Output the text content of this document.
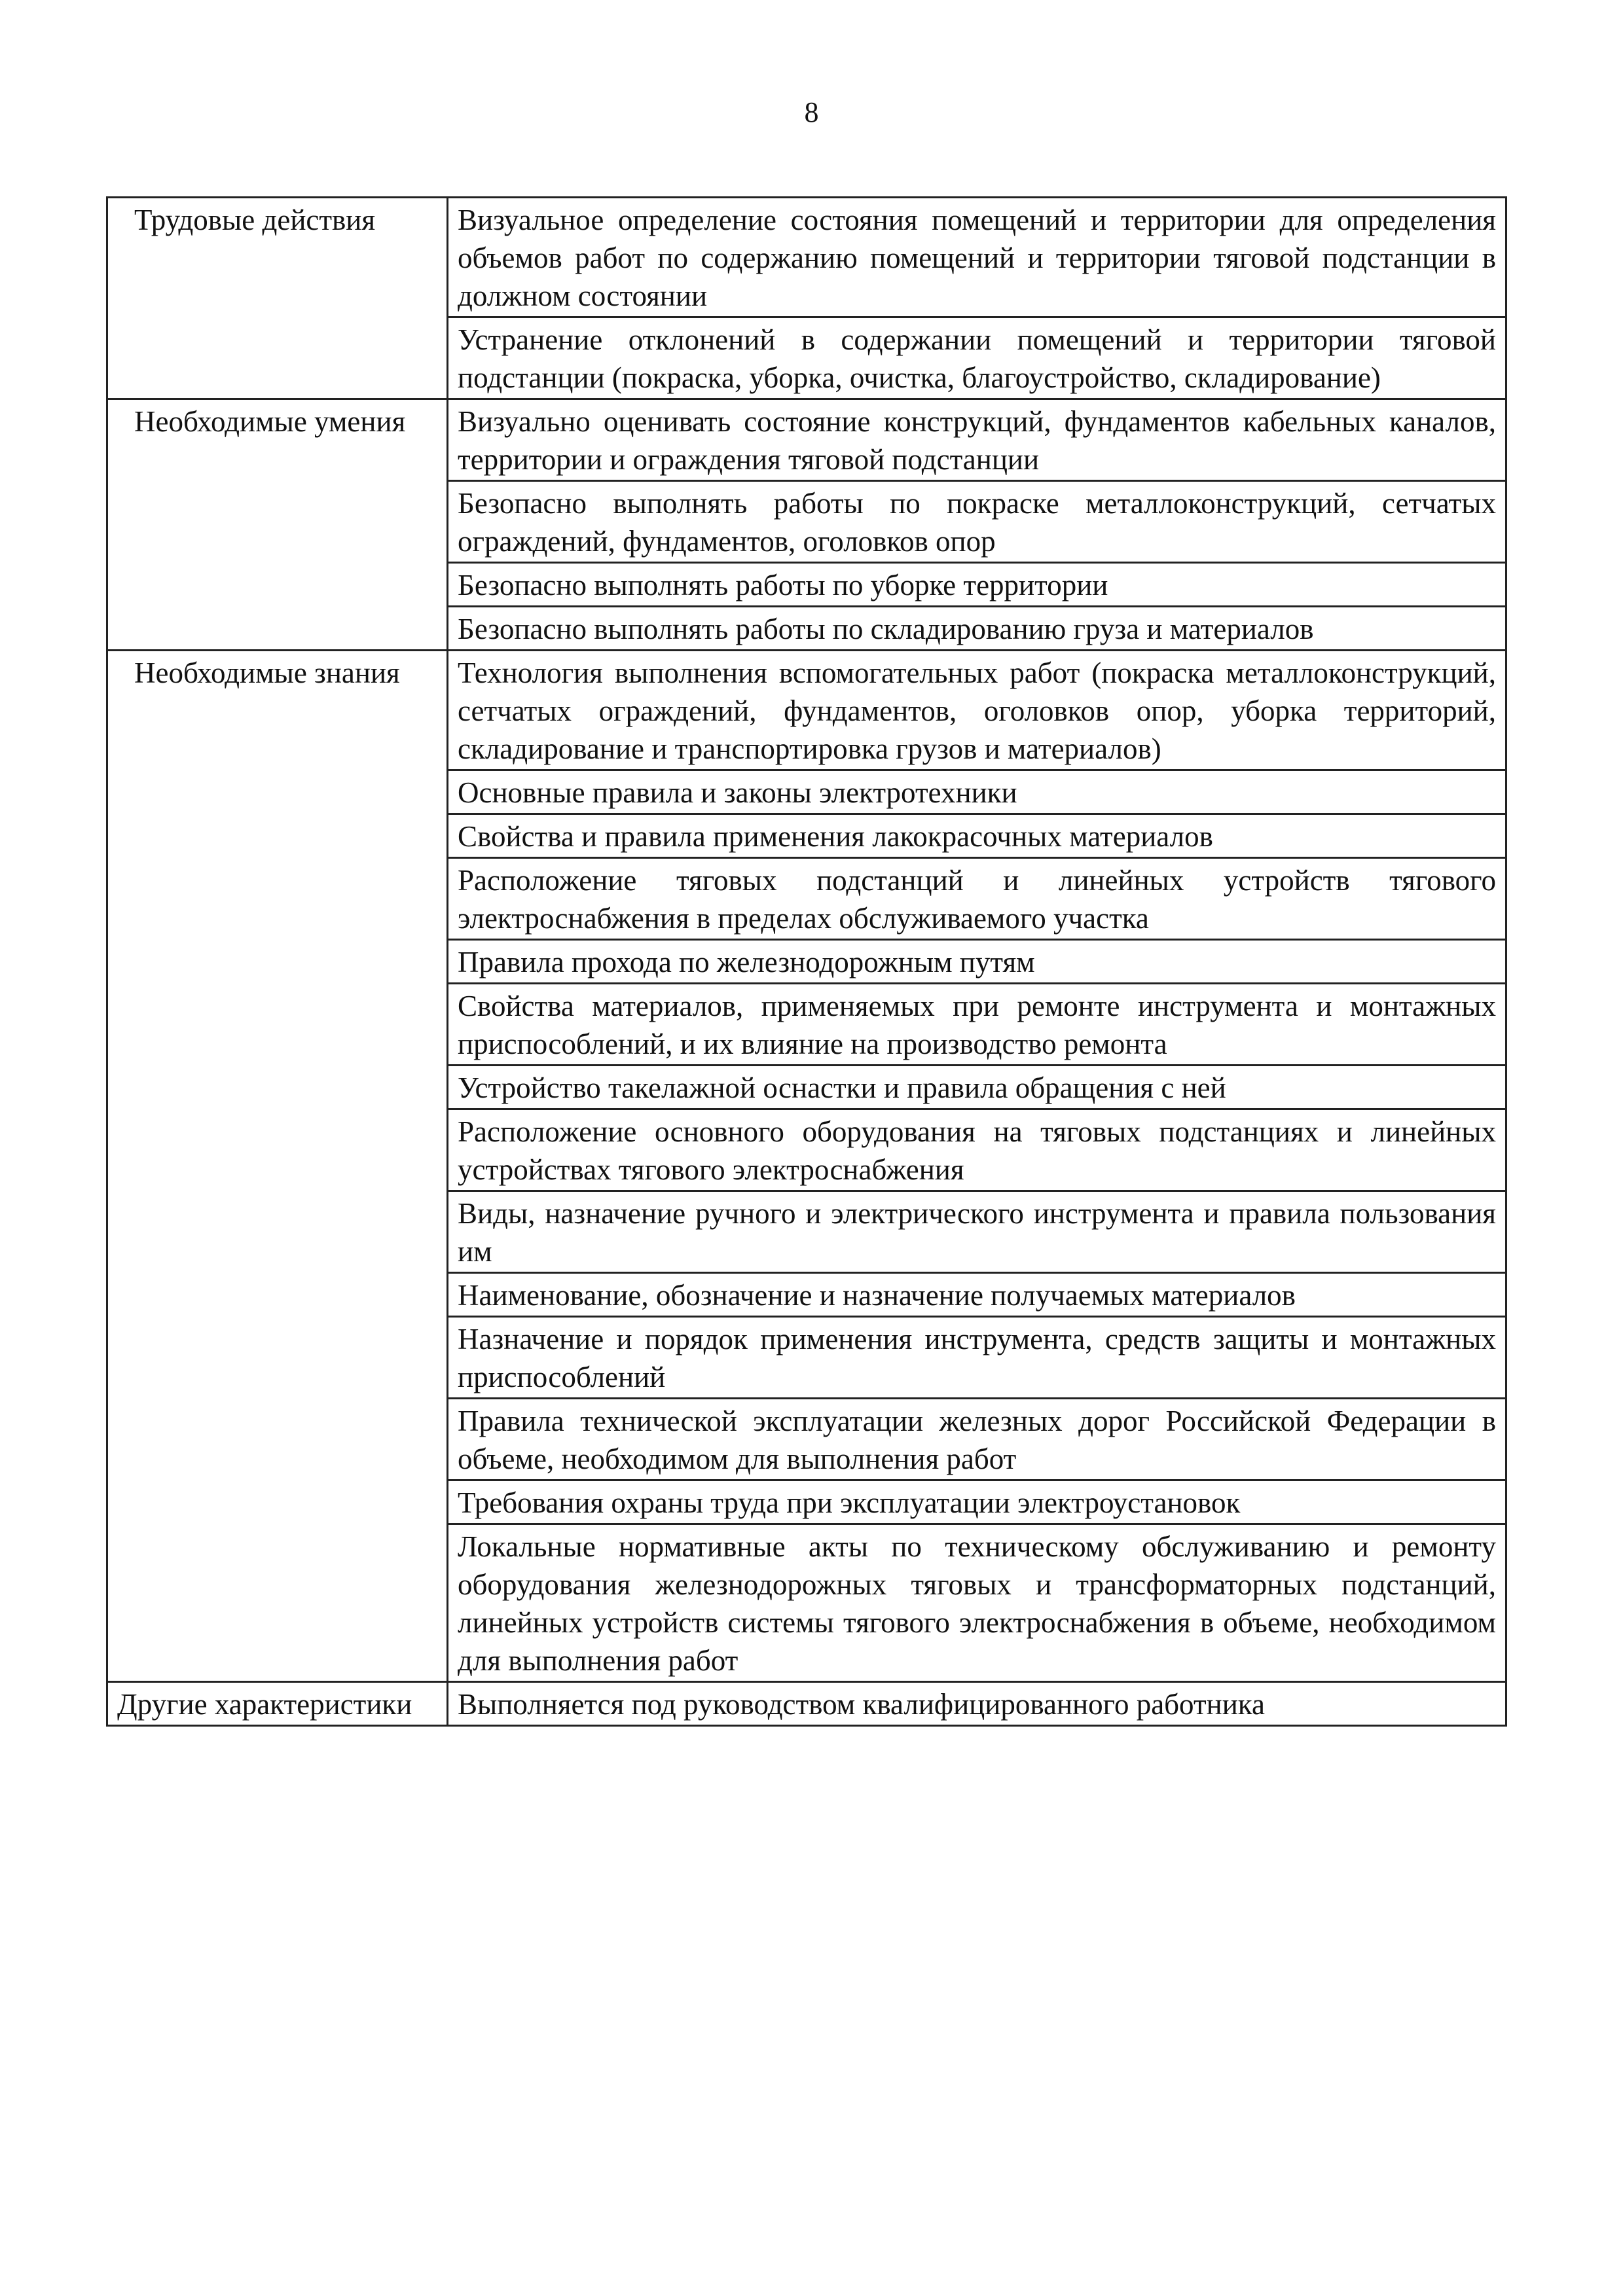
8
Трудовые действия	Визуальное определение состояния помещений и территории для определения объемов работ по содержанию помещений и территории тяговой подстанции в должном состоянии
	Устранение отклонений в содержании помещений и территории тяговой подстанции (покраска, уборка, очистка, благоустройство, складирование)
Необходимые умения	Визуально оценивать состояние конструкций, фундаментов кабельных каналов, территории и ограждения тяговой подстанции
	Безопасно выполнять работы по покраске металлоконструкций, сетчатых ограждений, фундаментов, оголовков опор
	Безопасно выполнять работы по уборке территории
	Безопасно выполнять работы по складированию груза и материалов
Необходимые знания	Технология выполнения вспомогательных работ (покраска металлоконструкций, сетчатых ограждений, фундаментов, оголовков опор, уборка территорий, складирование и транспортировка грузов и материалов)
	Основные правила и законы электротехники
	Свойства и правила применения лакокрасочных материалов
	Расположение тяговых подстанций и линейных устройств тягового электроснабжения в пределах обслуживаемого участка
	Правила прохода по железнодорожным путям
	Свойства материалов, применяемых при ремонте инструмента и монтажных приспособлений, и их влияние на производство ремонта
	Устройство такелажной оснастки и правила обращения с ней
	Расположение основного оборудования на тяговых подстанциях и линейных устройствах тягового электроснабжения
	Виды, назначение ручного и электрического инструмента и правила пользования им
	Наименование, обозначение и назначение получаемых материалов
	Назначение и порядок применения инструмента, средств защиты и монтажных приспособлений
	Правила технической эксплуатации железных дорог Российской Федерации в объеме, необходимом для выполнения работ
	Требования охраны труда при эксплуатации электроустановок
	Локальные нормативные акты по техническому обслуживанию и ремонту оборудования железнодорожных тяговых и трансформаторных подстанций, линейных устройств системы тягового электроснабжения в объеме, необходимом для выполнения работ
Другие характеристики	Выполняется под руководством квалифицированного работника
